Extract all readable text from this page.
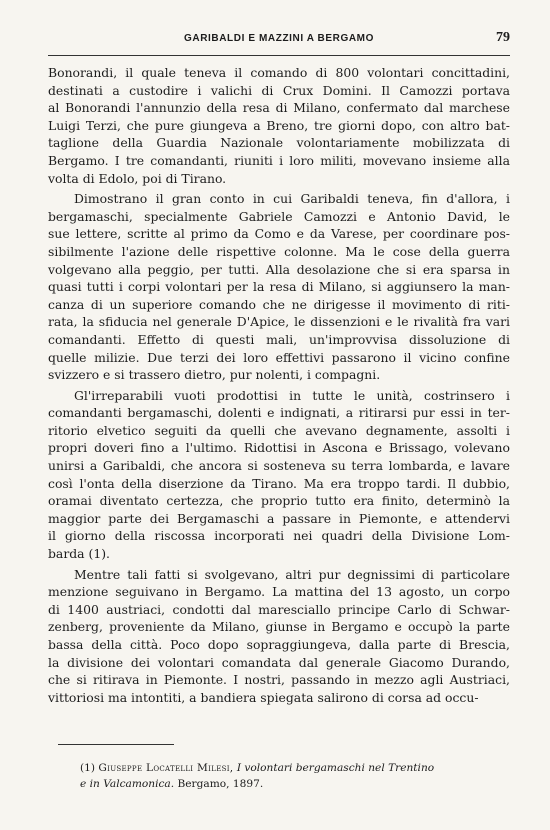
GARIBALDI E MAZZINI A BERGAMO	79
Bonorandi, il quale teneva il comando di 800 volontari concittadini,
destinati a custodire i valichi di Crux Domini. Il Camozzi portava
al Bonorandi l'annunzio della resa di Milano, confermato dal marchese
Luigi Terzi, che pure giungeva a Breno, tre giorni dopo, con altro bat-
taglione della Guardia Nazionale volontariamente mobilizzata di
Bergamo. I tre comandanti, riuniti i loro militi, movevano insieme alla
volta di Edolo, poi di Tirano.
Dimostrano il gran conto in cui Garibaldi teneva, fin d'allora, i
bergamaschi, specialmente Gabriele Camozzi e Antonio David, le
sue lettere, scritte al primo da Como e da Varese, per coordinare pos-
sibilmente l'azione delle rispettive colonne. Ma le cose della guerra
volgevano alla peggio, per tutti. Alla desolazione che si era sparsa in
quasi tutti i corpi volontari per la resa di Milano, si aggiunsero la man-
canza di un superiore comando che ne dirigesse il movimento di riti-
rata, la sfiducia nel generale D'Apice, le dissenzioni e le rivalità fra vari
comandanti. Effetto di questi mali, un'improvvisa dissoluzione di
quelle milizie. Due terzi dei loro effettivi passarono il vicino confine
svizzero e si trassero dietro, pur nolenti, i compagni.
Gl'irreparabili vuoti prodottisi in tutte le unità, costrinsero i
comandanti bergamaschi, dolenti e indignati, a ritirarsi pur essi in ter-
ritorio elvetico seguiti da quelli che avevano degnamente, assolti i
propri doveri fino a l'ultimo. Ridottisi in Ascona e Brissago, volevano
unirsi a Garibaldi, che ancora si sosteneva su terra lombarda, e lavare
così l'onta della diserzione da Tirano. Ma era troppo tardi. Il dubbio,
oramai diventato certezza, che proprio tutto era finito, determinò la
maggior parte dei Bergamaschi a passare in Piemonte, e attendervi
il giorno della riscossa incorporati nei quadri della Divisione Lom-
barda (1).
Mentre tali fatti si svolgevano, altri pur degnissimi di particolare
menzione seguivano in Bergamo. La mattina del 13 agosto, un corpo
di 1400 austriaci, condotti dal maresciallo principe Carlo di Schwar-
zenberg, proveniente da Milano, giunse in Bergamo e occupò la parte
bassa della città. Poco dopo sopraggiungeva, dalla parte di Brescia,
la divisione dei volontari comandata dal generale Giacomo Durando,
che si ritirava in Piemonte. I nostri, passando in mezzo agli Austriaci,
vittoriosi ma intontiti, a bandiera spiegata salirono di corsa ad occu-
(1) Giuseppe Locatelli Milesi, I volontari bergamaschi nel Trentino
e in Valcamonica. Bergamo, 1897.
